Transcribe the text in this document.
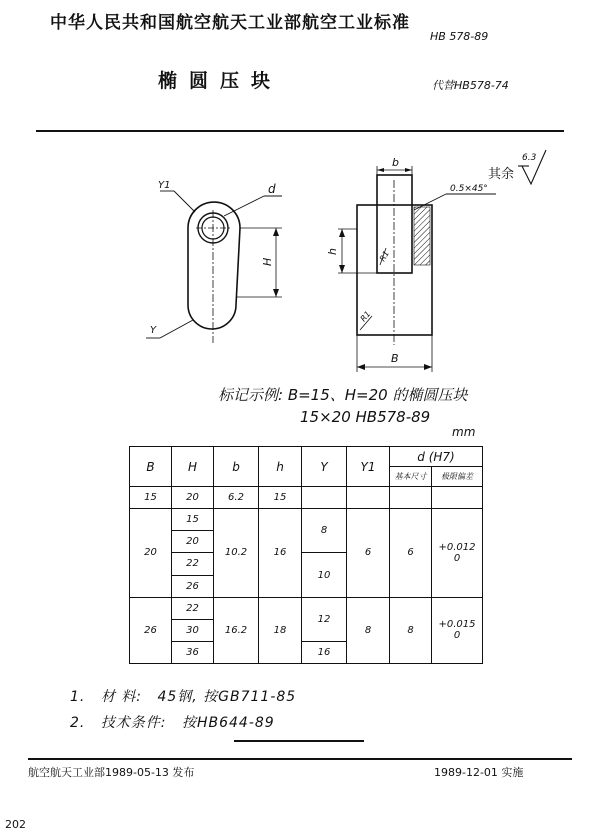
中华人民共和国航空航天工业部航空工业标准
HB 578-89
椭圆压块	代替HB578-74
Y1	d
H
Y
b
0.5×45°
h	R1
R1
B
其余
6.3
标记示例: B=15、H=20 的椭圆压块
15×20 HB578-89
mm
B	H	b	h	Y	Y1	d (H7)	
						基本尺寸	极限偏差
15	20	6.2	15				
20	15	10.2	16	8	6	6	+0.012
0

	20						
	22			10			
	26						
26	22	16.2	18	12	8	8	+0.015
0

	30						
	36			16			
1. 材 料: 45钢, 按GB711-85
2. 技术条件: 按HB644-89
航空航天工业部1989-05-13 发布	1989-12-01 实施
202
